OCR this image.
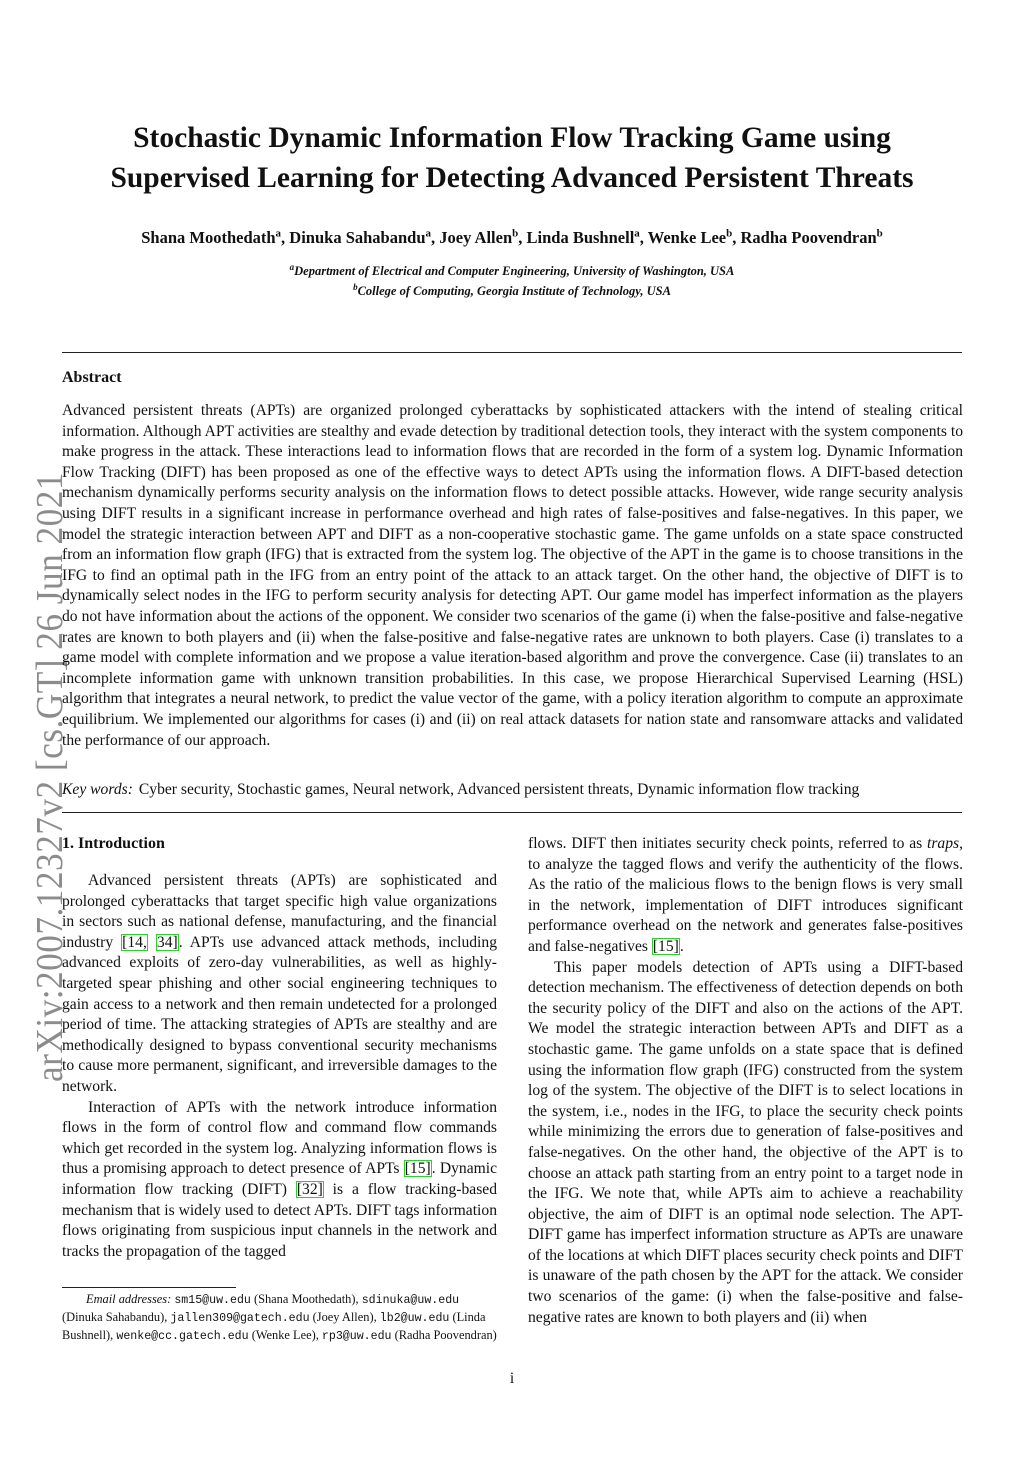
arXiv:2007.12327v2 [cs.GT] 26 Jun 2021
Stochastic Dynamic Information Flow Tracking Game using
Supervised Learning for Detecting Advanced Persistent Threats
Shana Moothedath$^a$, Dinuka Sahabandu$^a$, Joey Allen$^b$, Linda Bushnell$^a$, Wenke Lee$^b$, Radha Poovendran$^b$
$^a$Department of Electrical and Computer Engineering, University of Washington, USA
$^b$College of Computing, Georgia Institute of Technology, USA
Abstract
Advanced persistent threats (APTs) are organized prolonged cyberattacks by sophisticated attackers with the intend of stealing critical information. Although APT activities are stealthy and evade detection by traditional detection tools, they interact with the system components to make progress in the attack. These interactions lead to information flows that are recorded in the form of a system log. Dynamic Information Flow Tracking (DIFT) has been proposed as one of the effective ways to detect APTs using the information flows. A DIFT-based detection mechanism dynamically performs security analysis on the information flows to detect possible attacks. However, wide range security analysis using DIFT results in a significant increase in performance overhead and high rates of false-positives and false-negatives. In this paper, we model the strategic interaction between APT and DIFT as a non-cooperative stochastic game. The game unfolds on a state space constructed from an information flow graph (IFG) that is extracted from the system log. The objective of the APT in the game is to choose transitions in the IFG to find an optimal path in the IFG from an entry point of the attack to an attack target. On the other hand, the objective of DIFT is to dynamically select nodes in the IFG to perform security analysis for detecting APT. Our game model has imperfect information as the players do not have information about the actions of the opponent. We consider two scenarios of the game (i) when the false-positive and false-negative rates are known to both players and (ii) when the false-positive and false-negative rates are unknown to both players. Case (i) translates to a game model with complete information and we propose a value iteration-based algorithm and prove the convergence. Case (ii) translates to an incomplete information game with unknown transition probabilities. In this case, we propose Hierarchical Supervised Learning (HSL) algorithm that integrates a neural network, to predict the value vector of the game, with a policy iteration algorithm to compute an approximate equilibrium. We implemented our algorithms for cases (i) and (ii) on real attack datasets for nation state and ransomware attacks and validated the performance of our approach.
Key words: Cyber security, Stochastic games, Neural network, Advanced persistent threats, Dynamic information flow tracking
1. Introduction

Advanced persistent threats (APTs) are sophisticated and prolonged cyberattacks that target specific high value organizations in sectors such as national defense, manufacturing, and the financial industry [14, 34]. APTs use advanced attack methods, including advanced exploits of zero-day vulnerabilities, as well as highly-targeted spear phishing and other social engineering techniques to gain access to a network and then remain undetected for a prolonged period of time. The attacking strategies of APTs are stealthy and are methodically designed to bypass conventional security mechanisms to cause more permanent, significant, and irreversible damages to the network.

Interaction of APTs with the network introduce information flows in the form of control flow and command flow commands which get recorded in the system log. Analyzing information flows is thus a promising approach to detect presence of APTs [15]. Dynamic information flow tracking (DIFT) [32] is a flow tracking-based mechanism that is widely used to detect APTs. DIFT tags information flows originating from suspicious input channels in the network and tracks the propagation of the tagged

flows. DIFT then initiates security check points, referred to as traps, to analyze the tagged flows and verify the authenticity of the flows. As the ratio of the malicious flows to the benign flows is very small in the network, implementation of DIFT introduces significant performance overhead on the network and generates false-positives and false-negatives [15].

This paper models detection of APTs using a DIFT-based detection mechanism. The effectiveness of detection depends on both the security policy of the DIFT and also on the actions of the APT. We model the strategic interaction between APTs and DIFT as a stochastic game. The game unfolds on a state space that is defined using the information flow graph (IFG) constructed from the system log of the system. The objective of the DIFT is to select locations in the system, i.e., nodes in the IFG, to place the security check points while minimizing the errors due to generation of false-positives and false-negatives. On the other hand, the objective of the APT is to choose an attack path starting from an entry point to a target node in the IFG. We note that, while APTs aim to achieve a reachability objective, the aim of DIFT is an optimal node selection. The APT-DIFT game has imperfect information structure as APTs are unaware of the locations at which DIFT places security check points and DIFT is unaware of the path chosen by the APT for the attack. We consider two scenarios of the game: (i) when the false-positive and false-negative rates are known to both players and (ii) when

Email addresses: sm15@uw.edu (Shana Moothedath), sdinuka@uw.edu (Dinuka Sahabandu), jallen309@gatech.edu (Joey Allen), lb2@uw.edu (Linda Bushnell), wenke@cc.gatech.edu (Wenke Lee), rp3@uw.edu (Radha Poovendran)
i
